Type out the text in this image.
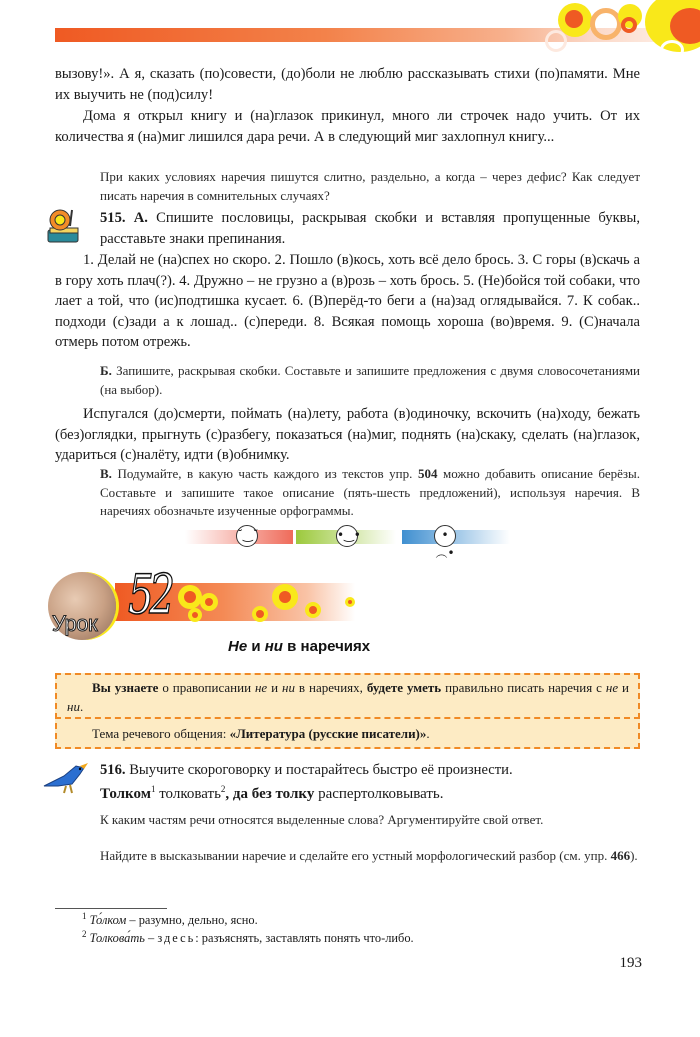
вызову!». А я, сказать (по)совести, (до)боли не люблю рассказывать стихи (по)памяти. Мне их выучить не (под)силу!
Дома я открыл книгу и (на)глазок прикинул, много ли строчек надо учить. От их количества я (на)миг лишился дара речи. А в следующий миг захлопнул книгу...
При каких условиях наречия пишутся слитно, раздельно, а когда – через дефис? Как следует писать наречия в сомнительных случаях?
515. А. Спишите пословицы, раскрывая скобки и вставляя пропущенные буквы, расставьте знаки препинания.
1. Делай не (на)спех но скоро. 2. Пошло (в)кось, хоть всё дело брось. 3. С горы (в)скачь а в гору хоть плач(?). 4. Дружно – не грузно а (в)розь – хоть брось. 5. (Не)бойся той собаки, что лает а той, что (ис)подтишка кусает. 6. (В)перёд-то беги а (на)зад оглядывайся. 7. К собак.. подходи (с)зади а к лошад.. (с)переди. 8. Всякая помощь хороша (во)время. 9. (С)начала отмерь потом отрежь.
Б. Запишите, раскрывая скобки. Составьте и запишите предложения с двумя словосочетаниями (на выбор).
Испугался (до)смерти, поймать (на)лету, работа (в)одиночку, вскочить (на)ходу, бежать (без)оглядки, прыгнуть (с)разбегу, показаться (на)миг, поднять (на)скаку, сделать (на)глазок, удариться (с)налёту, идти (в)обнимку.
В. Подумайте, в какую часть каждого из текстов упр. 504 можно добавить описание берёзы. Составьте и запишите такое описание (пять-шесть предложений), используя наречия. В наречиях обозначьте изученные орфограммы.
˘‿˘	•‿•	•︵•
Урок 52
Не и ни в наречиях
Вы узнаете о правописании не и ни в наречиях, будете уметь правильно писать наречия с не и ни.
Тема речевого общения: «Литература (русские писатели)».
516. Выучите скороговорку и постарайтесь быстро её произнести.
Толком$^1$ толковать$^2$, да без толку распертолковывать.
К каким частям речи относятся выделенные слова? Аргументируйте свой ответ.
Найдите в высказывании наречие и сделайте его устный морфологический разбор (см. упр. 466).
$^1$ То́лком – разумно, дельно, ясно.
$^2$ Толкова́ть – здесь: разъяснять, заставлять понять что-либо.
193
